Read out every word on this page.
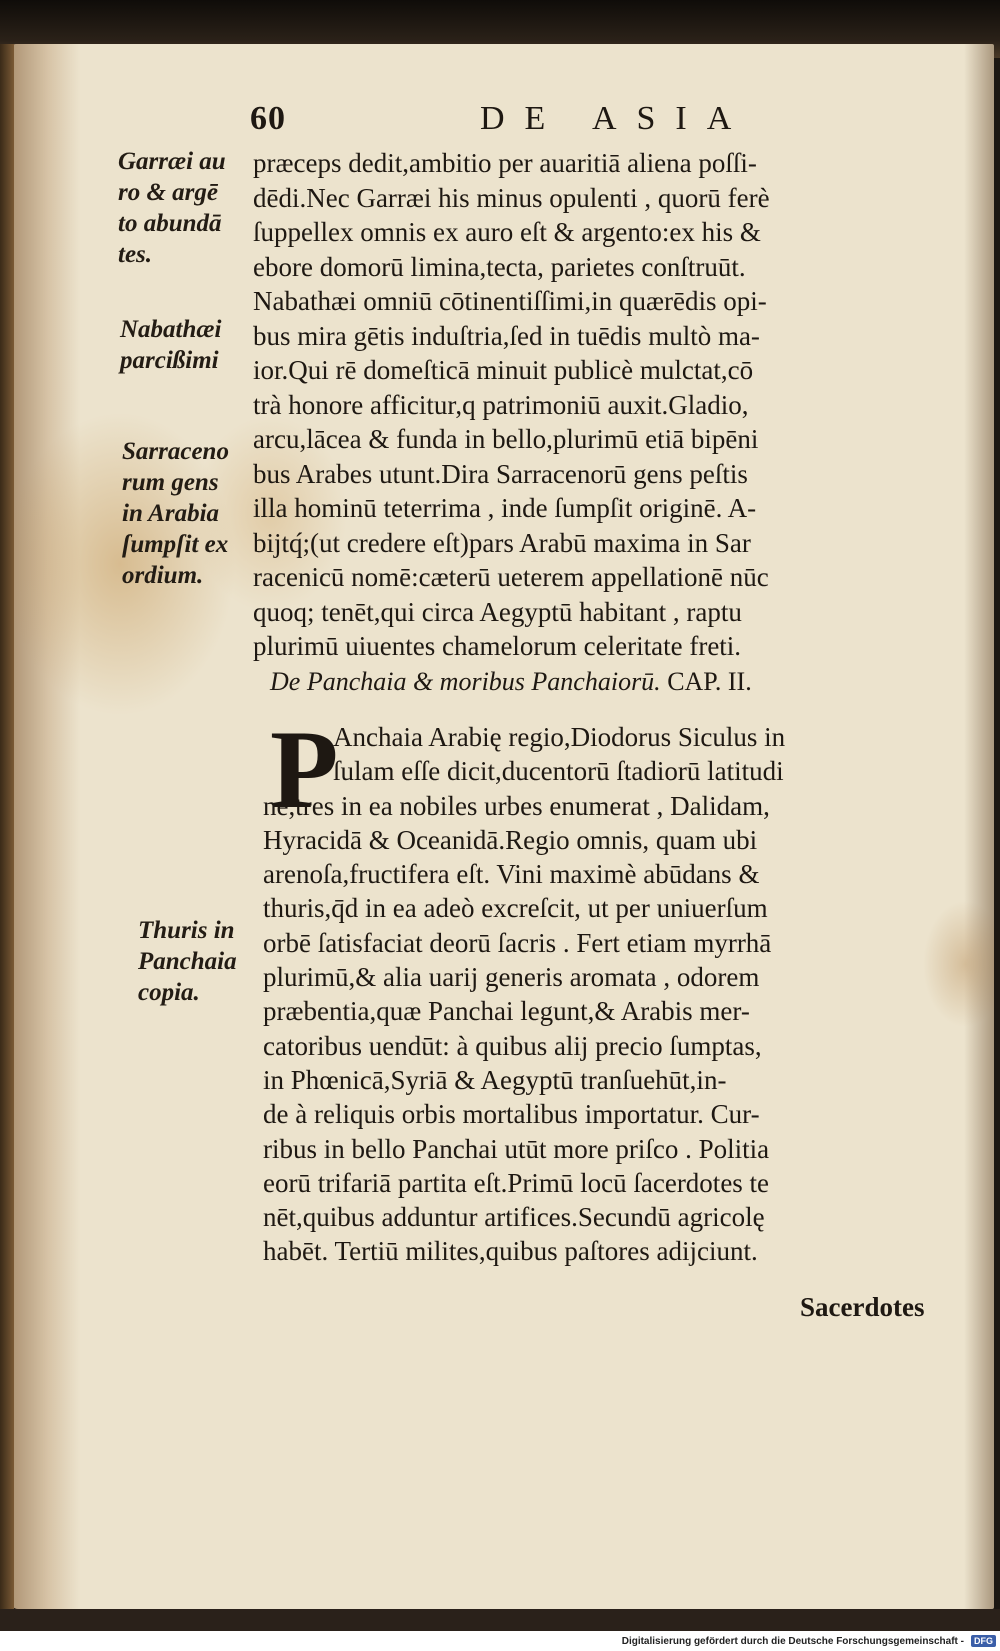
60	DE ASIA
Garræi au
ro & argē
to abundā
tes.
Nabathæi
parcißimi
Sarraceno
rum gens
in Arabia
ſumpſit ex
ordium.
Thuris in
Panchaia
copia.
præceps dedit,ambitio per auaritiā aliena poſſi-
dēdi.Nec Garræi his minus opulenti , quorū ferè
ſuppellex omnis ex auro eſt & argento:ex his &
ebore domorū limina,tecta, parietes conſtruūt.
Nabathæi omniū cōtinentiſſimi,in quærēdis opi-
bus mira gētis induſtria,ſed in tuēdis multò ma-
ior.Qui rē domeſticā minuit publicè mulctat,cō
trà honore afficitur,q patrimoniū auxit.Gladio,
arcu,lācea & funda in bello,plurimū etiā bipēni
bus Arabes utunt.Dira Sarracenorū gens peſtis
illa hominū teterrima , inde ſumpſit originē. A-
bijtq́;(ut credere eſt)pars Arabū maxima in Sar
racenicū nomē:cæterū ueterem appellationē nūc
quoq; tenēt,qui circa Aegyptū habitant , raptu
plurimū uiuentes chamelorum celeritate freti.
De Panchaia & moribus Panchaiorū. CAP. II.
P
Anchaia Arabię regio,Diodorus Siculus in
ſulam eſſe dicit,ducentorū ſtadiorū latitudi
ne,tres in ea nobiles urbes enumerat , Dalidam,
Hyracidā & Oceanidā.Regio omnis, quam ubi
arenoſa,fructifera eſt. Vini maximè abūdans &
thuris,q̄d in ea adeò excreſcit, ut per uniuerſum
orbē ſatisfaciat deorū ſacris . Fert etiam myrrhā
plurimū,& alia uarij generis aromata , odorem
præbentia,quæ Panchai legunt,& Arabis mer-
catoribus uendūt: à quibus alij precio ſumptas,
in Phœnicā,Syriā & Aegyptū tranſuehūt,in-
de à reliquis orbis mortalibus importatur. Cur-
ribus in bello Panchai utūt more priſco . Politia
eorū trifariā partita eſt.Primū locū ſacerdotes te
nēt,quibus adduntur artifices.Secundū agricolę
habēt. Tertiū milites,quibus paſtores adijciunt.
Sacerdotes
Digitalisierung gefördert durch die Deutsche Forschungsgemeinschaft -	DFG
